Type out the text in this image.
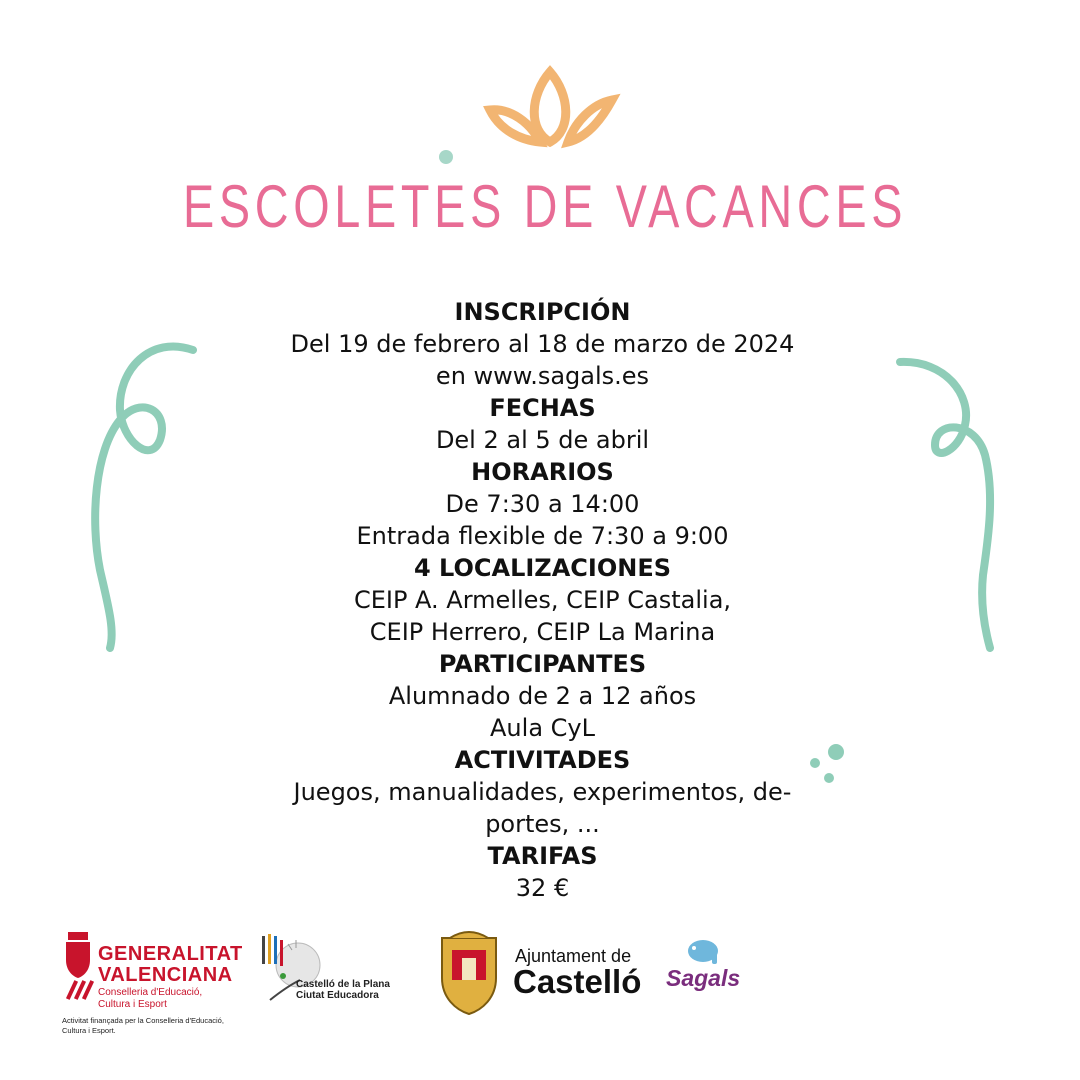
ESCOLETES DE VACANCES
INSCRIPCIÓN
Del 19 de febrero al 18 de marzo de 2024
en www.sagals.es
FECHAS
Del 2 al 5 de abril
HORARIOS
De 7:30 a 14:00
Entrada flexible de 7:30 a 9:00
4 LOCALIZACIONES
CEIP A. Armelles, CEIP Castalia,
CEIP Herrero, CEIP La Marina
PARTICIPANTES
Alumnado de 2 a 12 años
Aula CyL
ACTIVITADES
Juegos, manualidades, experimentos, de-
portes, ...
TARIFAS
32 €
GENERALITAT
VALENCIANA
Conselleria d'Educació,
Cultura i Esport
Activitat finançada per la Conselleria d'Educació,
Cultura i Esport.
Castelló de la Plana
Ciutat Educadora
Ajuntament de
Castelló Sagals
